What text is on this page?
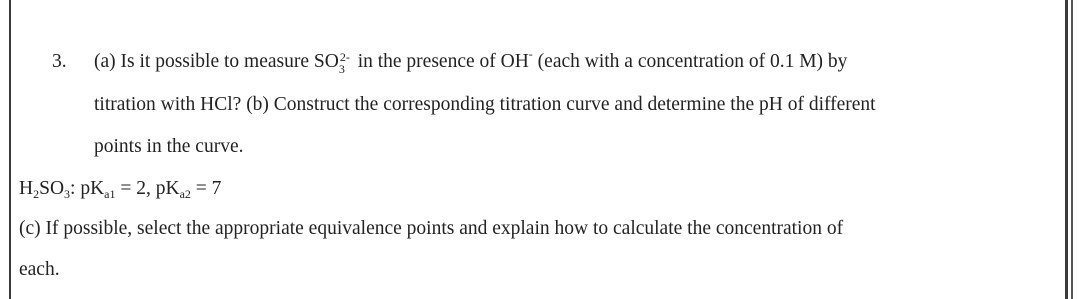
3. (a) Is it possible to measure SO 2-
3 in the presence of OH- (each with a concentration of 0.1 M) by
titration with HCl? (b) Construct the corresponding titration curve and determine the pH of different
points in the curve.
$H_2SO_3$: $pK_{a1} = 2$, $pK_{a2} = 7$
(c) If possible, select the appropriate equivalence points and explain how to calculate the concentration of
each.
